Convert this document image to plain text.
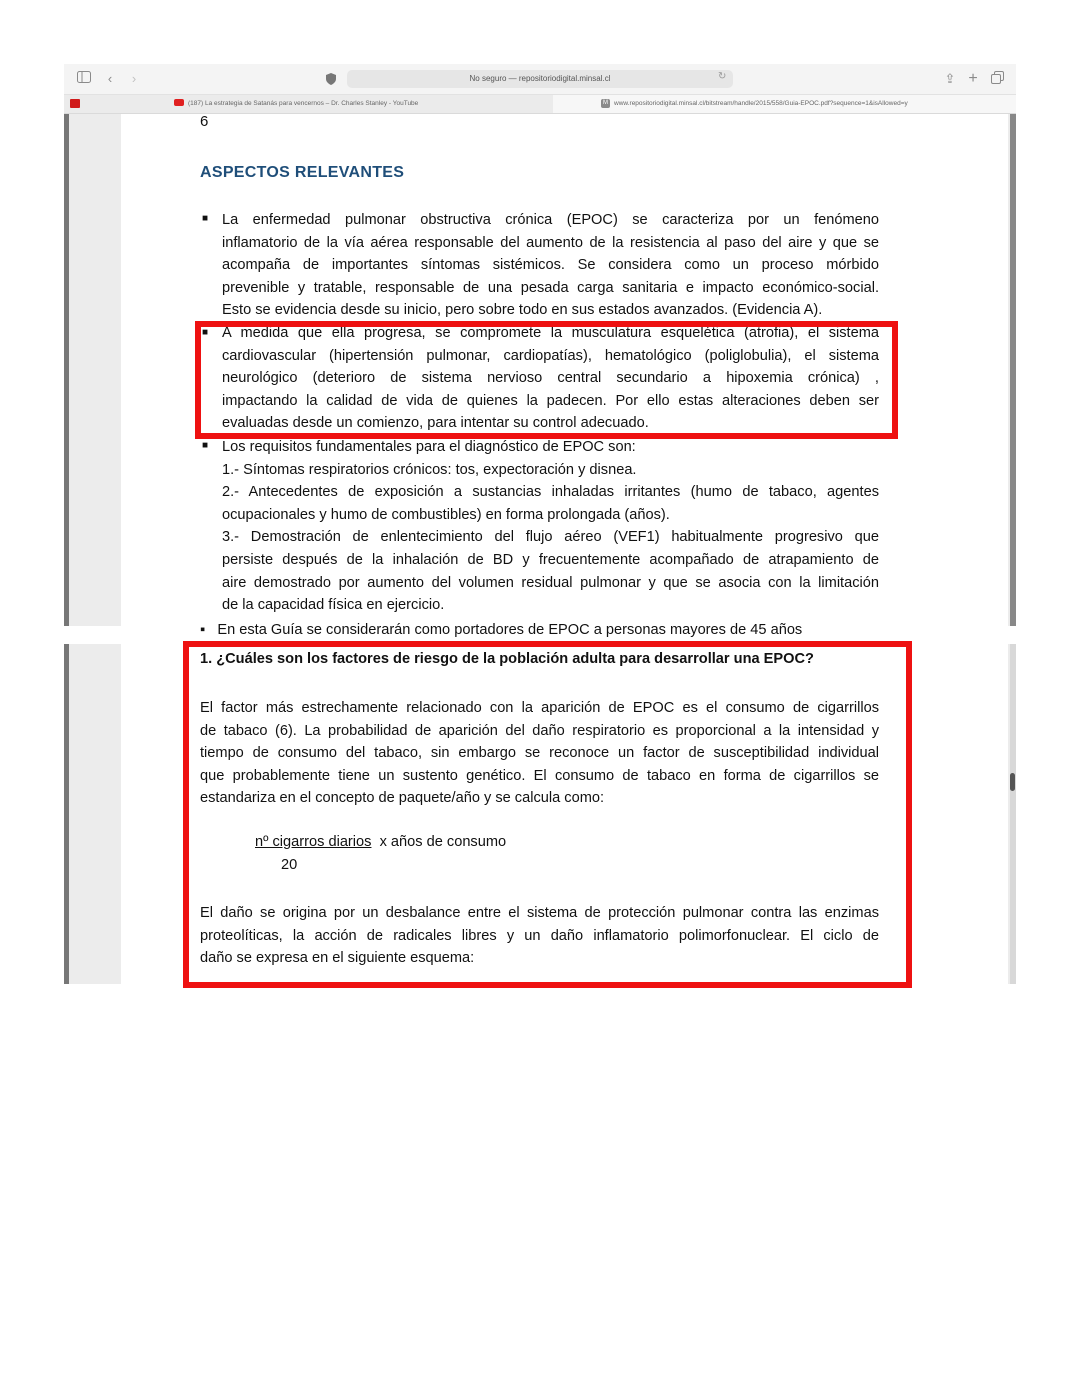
‹	›	No seguro — repositoriodigital.minsal.cl	↻	⇪ +
(187) La estrategia de Satanás para vencernos – Dr. Charles Stanley - YouTube	M www.repositoriodigital.minsal.cl/bitstream/handle/2015/558/Guia-EPOC.pdf?sequence=1&isAllowed=y
6
ASPECTOS RELEVANTES
■ La enfermedad pulmonar obstructiva crónica (EPOC) se caracteriza por un fenómeno
inflamatorio de la vía aérea responsable del aumento de la resistencia al paso del aire y que se
acompaña de importantes síntomas sistémicos. Se considera como un proceso mórbido
prevenible y tratable, responsable de una pesada carga sanitaria e impacto económico-social.
Esto se evidencia desde su inicio, pero sobre todo en sus estados avanzados. (Evidencia A).
■ A medida que ella progresa, se compromete la musculatura esquelética (atrofia), el sistema
cardiovascular (hipertensión pulmonar, cardiopatías), hematológico (poliglobulia), el sistema
neurológico (deterioro de sistema nervioso central secundario a hipoxemia crónica) ,
impactando la calidad de vida de quienes la padecen. Por ello estas alteraciones deben ser
evaluadas desde un comienzo, para intentar su control adecuado.
■ Los requisitos fundamentales para el diagnóstico de EPOC son:
1.- Síntomas respiratorios crónicos: tos, expectoración y disnea.
2.- Antecedentes de exposición a sustancias inhaladas irritantes (humo de tabaco, agentes
ocupacionales y humo de combustibles) en forma prolongada (años).
3.- Demostración de enlentecimiento del flujo aéreo (VEF1) habitualmente progresivo que
persiste después de la inhalación de BD y frecuentemente acompañado de atrapamiento de
aire demostrado por aumento del volumen residual pulmonar y que se asocia con la limitación
de la capacidad física en ejercicio.
▪   En esta Guía se considerarán como portadores de EPOC a personas mayores de 45 años
1. ¿Cuáles son los factores de riesgo de la población adulta para desarrollar una EPOC?
El factor más estrechamente relacionado con la aparición de EPOC es el consumo de cigarrillos
de tabaco (6). La probabilidad de aparición del daño respiratorio es proporcional a la intensidad y
tiempo de consumo del tabaco, sin embargo se reconoce un factor de susceptibilidad individual
que probablemente tiene un sustento genético. El consumo de tabaco en forma de cigarrillos se
estandariza en el concepto de paquete/año y se calcula como:
nº cigarros diarios x años de consumo
20
El daño se origina por un desbalance entre el sistema de protección pulmonar contra las enzimas
proteolíticas, la acción de radicales libres y un daño inflamatorio polimorfonuclear. El ciclo de
daño se expresa en el siguiente esquema:
